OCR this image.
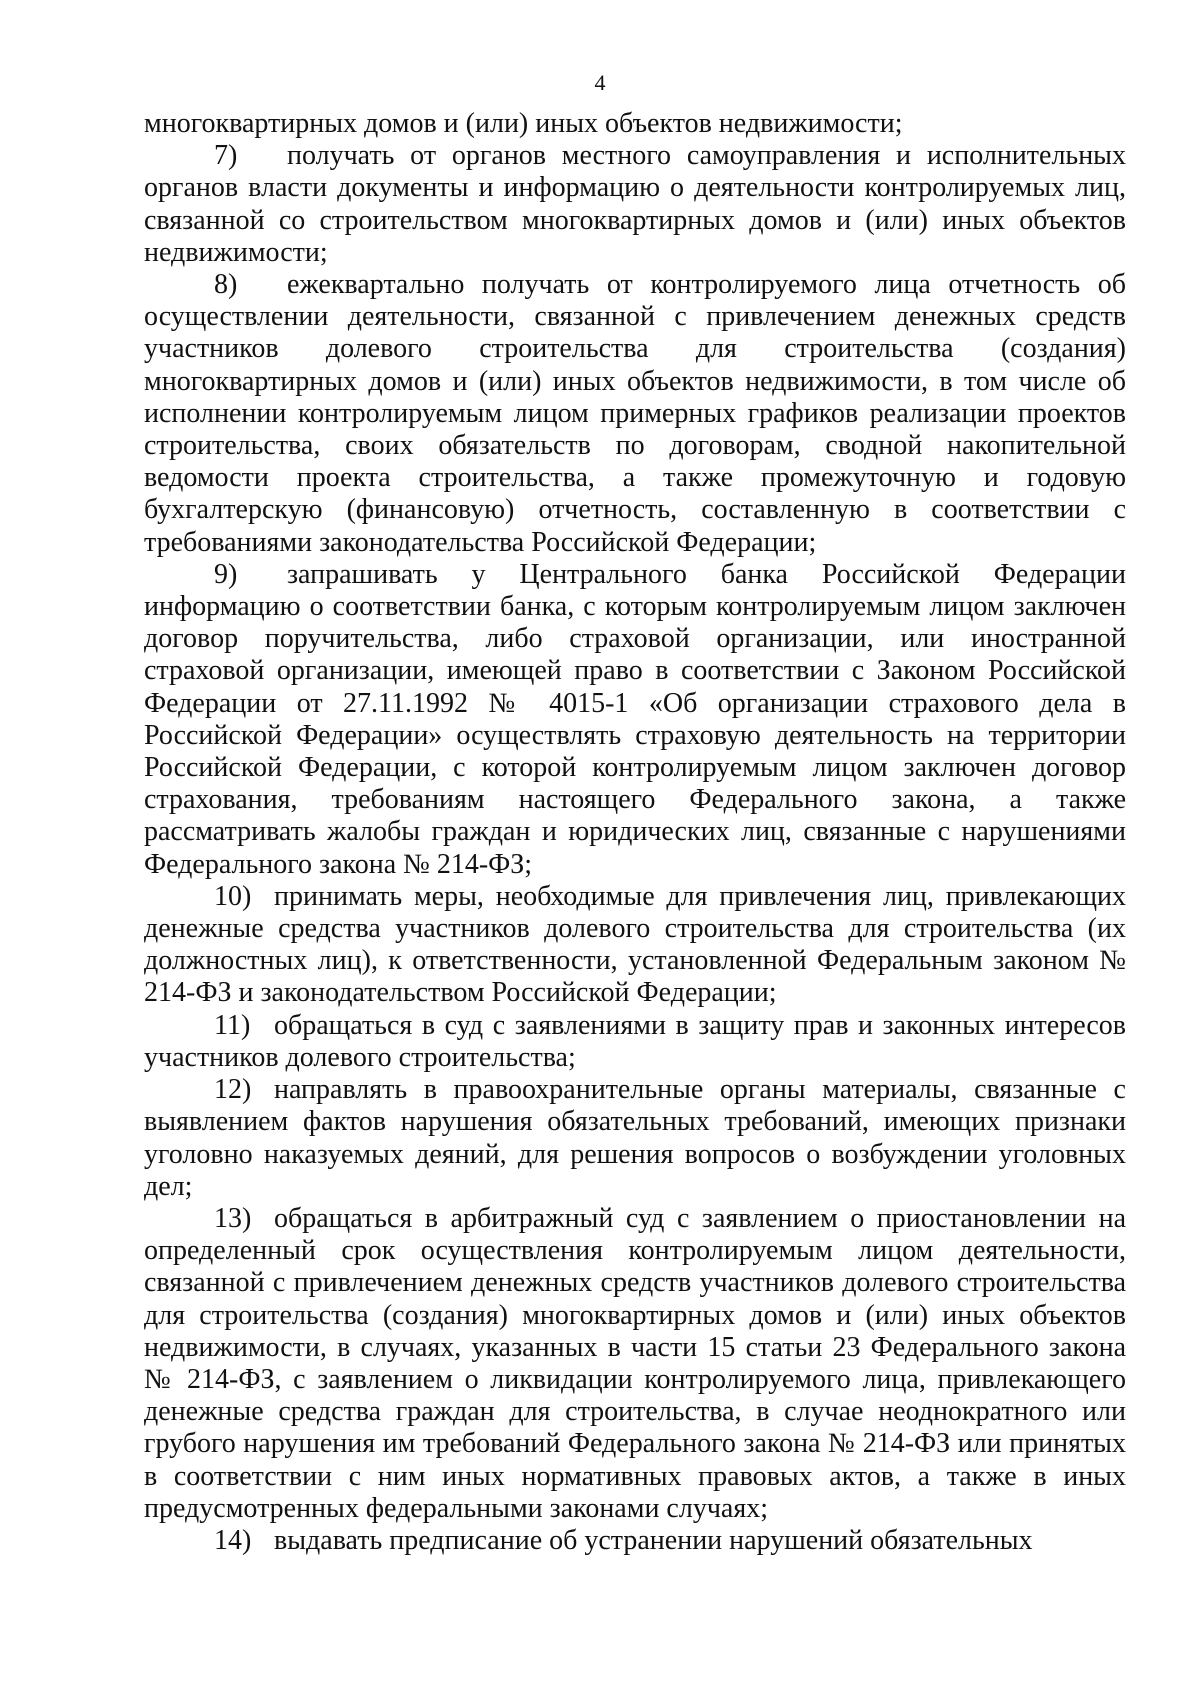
4

многоквартирных домов и (или) иных объектов недвижимости;

7) получать от органов местного самоуправления и исполнительных органов власти документы и информацию о деятельности контролируемых лиц, связанной со строительством многоквартирных домов и (или) иных объектов недвижимости;

8) ежеквартально получать от контролируемого лица отчетность об осуществлении деятельности, связанной с привлечением денежных средств участников долевого строительства для строительства (создания) многоквартирных домов и (или) иных объектов недвижимости, в том числе об исполнении контролируемым лицом примерных графиков реализации проектов строительства, своих обязательств по договорам, сводной накопительной ведомости проекта строительства, а также промежуточную и годовую бухгалтерскую (финансовую) отчетность, составленную в соответствии с требованиями законодательства Российской Федерации;

9) запрашивать у Центрального банка Российской Федерации информацию о соответствии банка, с которым контролируемым лицом заключен договор поручительства, либо страховой организации, или иностранной страховой организации, имеющей право в соответствии с Законом Российской Федерации от 27.11.1992 № 4015-1 «Об организации страхового дела в Российской Федерации» осуществлять страховую деятельность на территории Российской Федерации, с которой контролируемым лицом заключен договор страхования, требованиям настоящего Федерального закона, а также рассматривать жалобы граждан и юридических лиц, связанные с нарушениями Федерального закона № 214-ФЗ;

10) принимать меры, необходимые для привлечения лиц, привлекающих денежные средства участников долевого строительства для строительства (их должностных лиц), к ответственности, установленной Федеральным законом № 214-ФЗ и законодательством Российской Федерации;

11) обращаться в суд с заявлениями в защиту прав и законных интересов участников долевого строительства;

12) направлять в правоохранительные органы материалы, связанные с выявлением фактов нарушения обязательных требований, имеющих признаки уголовно наказуемых деяний, для решения вопросов о возбуждении уголовных дел;

13) обращаться в арбитражный суд с заявлением о приостановлении на определенный срок осуществления контролируемым лицом деятельности, связанной с привлечением денежных средств участников долевого строительства для строительства (создания) многоквартирных домов и (или) иных объектов недвижимости, в случаях, указанных в части 15 статьи 23 Федерального закона № 214-ФЗ, с заявлением о ликвидации контролируемого лица, привлекающего денежные средства граждан для строительства, в случае неоднократного или грубого нарушения им требований Федерального закона № 214-ФЗ или принятых в соответствии с ним иных нормативных правовых актов, а также в иных предусмотренных федеральными законами случаях;

14) выдавать предписание об устранении нарушений обязательных
